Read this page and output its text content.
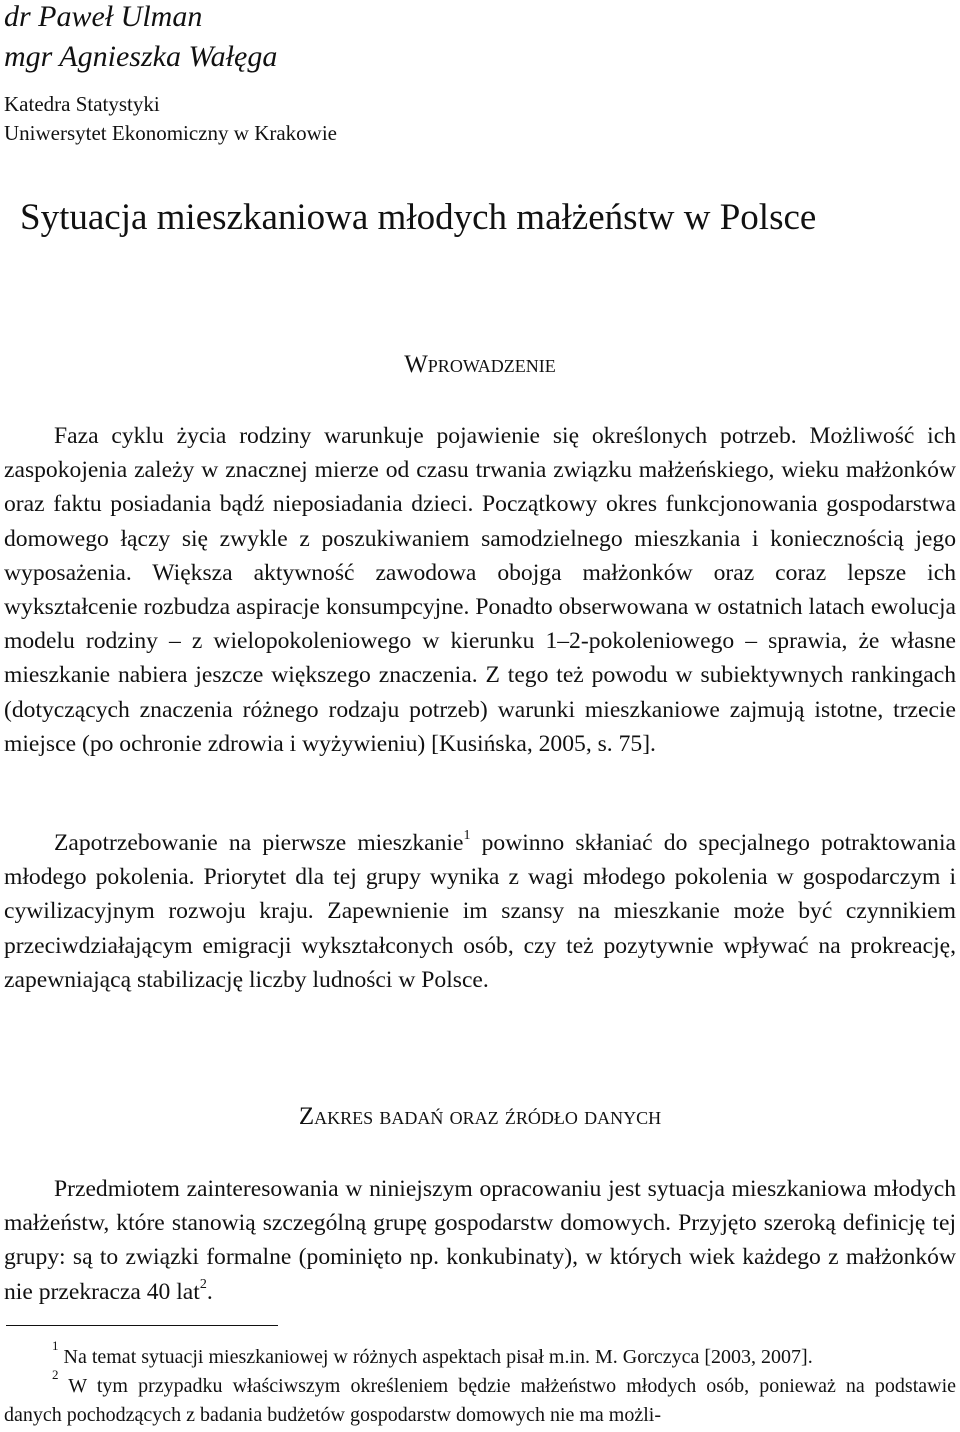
dr Paweł Ulman
mgr Agnieszka Wałęga
Katedra Statystyki
Uniwersytet Ekonomiczny w Krakowie
Sytuacja mieszkaniowa młodych małżeństw w Polsce
Wprowadzenie
Faza cyklu życia rodziny warunkuje pojawienie się określonych potrzeb. Możliwość ich zaspokojenia zależy w znacznej mierze od czasu trwania związku małżeńskiego, wieku małżonków oraz faktu posiadania bądź nieposiadania dzieci. Początkowy okres funkcjonowania gospodarstwa domowego łączy się zwykle z poszukiwaniem samodzielnego mieszkania i koniecznością jego wyposażenia. Większa aktywność zawodowa obojga małżonków oraz coraz lepsze ich wykształcenie rozbudza aspiracje konsumpcyjne. Ponadto obserwowana w ostatnich latach ewolucja modelu rodziny – z wielopokoleniowego w kierunku 1–2-pokoleniowego – sprawia, że własne mieszkanie nabiera jeszcze większego znaczenia. Z tego też powodu w subiektywnych rankingach (dotyczących znaczenia różnego rodzaju potrzeb) warunki mieszkaniowe zajmują istotne, trzecie miejsce (po ochronie zdrowia i wyżywieniu) [Kusińska, 2005, s. 75].
Zapotrzebowanie na pierwsze mieszkanie$^1$ powinno skłaniać do specjalnego potraktowania młodego pokolenia. Priorytet dla tej grupy wynika z wagi młodego pokolenia w gospodarczym i cywilizacyjnym rozwoju kraju. Zapewnienie im szansy na mieszkanie może być czynnikiem przeciwdziałającym emigracji wykształconych osób, czy też pozytywnie wpływać na prokreację, zapewniającą stabilizację liczby ludności w Polsce.
Zakres badań oraz źródło danych
Przedmiotem zainteresowania w niniejszym opracowaniu jest sytuacja mieszkaniowa młodych małżeństw, które stanowią szczególną grupę gospodarstw domowych. Przyjęto szeroką definicję tej grupy: są to związki formalne (pominięto np. konkubinaty), w których wiek każdego z małżonków nie przekracza 40 lat$^2$.
$^1$ Na temat sytuacji mieszkaniowej w różnych aspektach pisał m.in. M. Gorczyca [2003, 2007].
$^2$ W tym przypadku właściwszym określeniem będzie małżeństwo młodych osób, ponieważ na podstawie danych pochodzących z badania budżetów gospodarstw domowych nie ma możli-
